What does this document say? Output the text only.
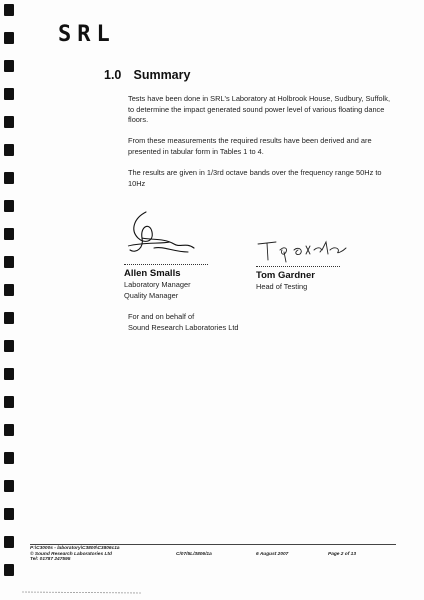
SRL
1.0 Summary
Tests have been done in SRL's Laboratory at Holbrook House, Sudbury, Suffolk, to determine the impact generated sound power level of various floating dance floors.
From these measurements the required results have been derived and are presented in tabular form in Tables 1 to 4.
The results are given in 1/3rd octave bands over the frequency range 50Hz to 10Hz
Allen Smalls
Laboratory Manager
Quality Manager
Tom Gardner
Head of Testing
For and on behalf of
Sound Research Laboratories Ltd
P:\C3000s - laboratory\C3800\C3806c1a
© Sound Research Laboratories Ltd
Tel: 01787 247595
C/07/5L/3806/1a	6 August 2007	Page 2 of 13
